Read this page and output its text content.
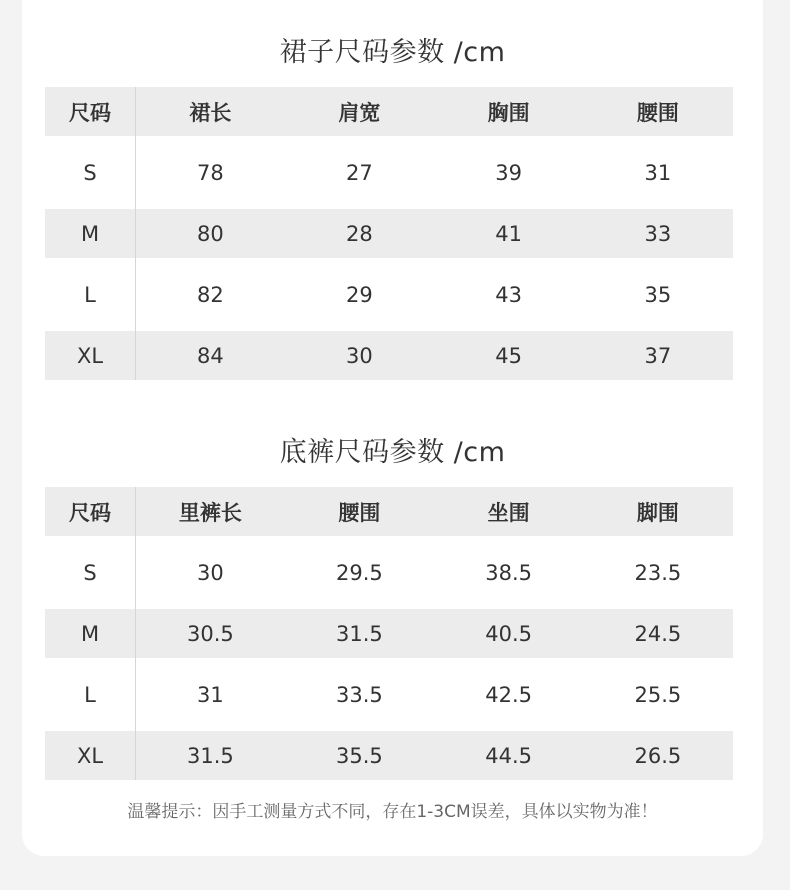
裙子尺码参数 /cm
尺码	裙长	肩宽	胸围	腰围
S	78	27	39	31
M	80	28	41	33
L	82	29	43	35
XL	84	30	45	37
底裤尺码参数 /cm
尺码	里裤长	腰围	坐围	脚围
S	30	29.5	38.5	23.5
M	30.5	31.5	40.5	24.5
L	31	33.5	42.5	25.5
XL	31.5	35.5	44.5	26.5
温馨提示：因手工测量方式不同，存在1-3CM误差，具体以实物为准！
